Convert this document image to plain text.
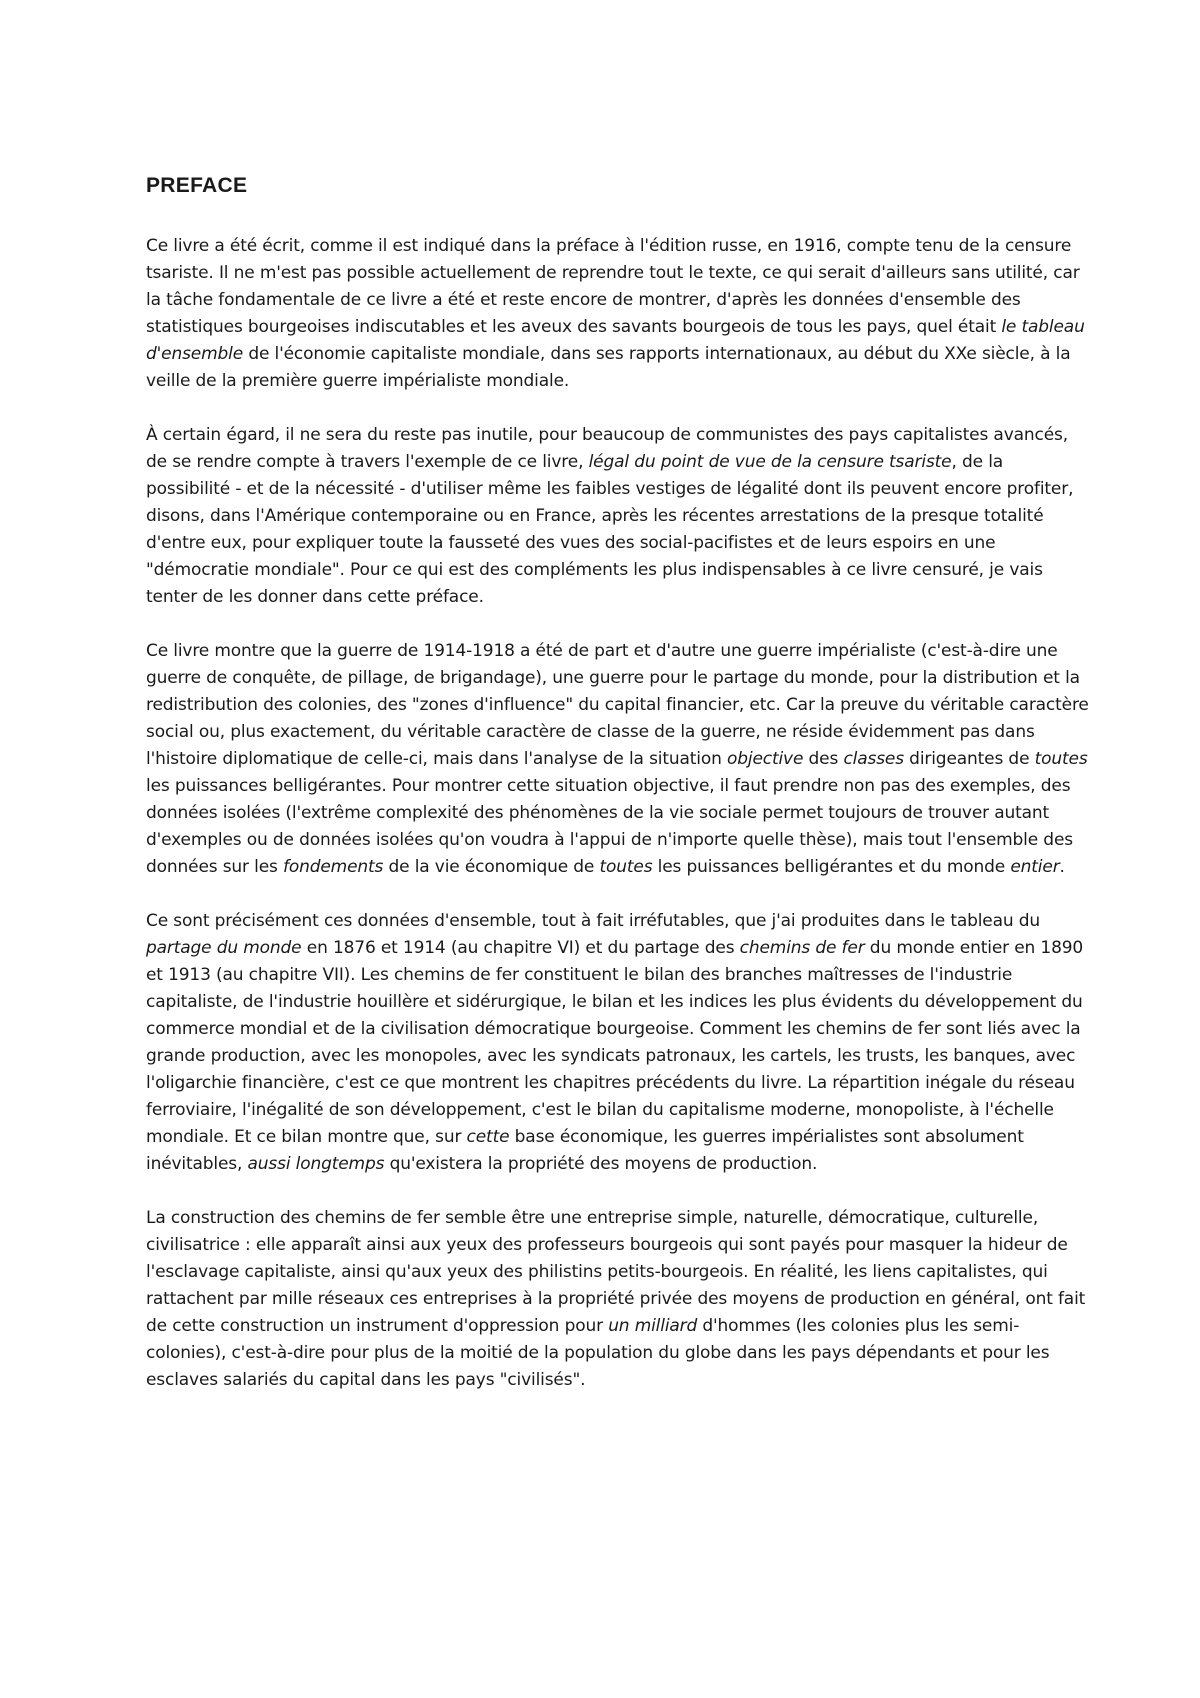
PREFACE

Ce livre a été écrit, comme il est indiqué dans la préface à l'édition russe, en 1916, compte tenu de la censure tsariste. Il ne m'est pas possible actuellement de reprendre tout le texte, ce qui serait d'ailleurs sans utilité, car la tâche fondamentale de ce livre a été et reste encore de montrer, d'après les données d'ensemble des statistiques bourgeoises indiscutables et les aveux des savants bourgeois de tous les pays, quel était le tableau d'ensemble de l'économie capitaliste mondiale, dans ses rapports internationaux, au début du XXe siècle, à la veille de la première guerre impérialiste mondiale.

À certain égard, il ne sera du reste pas inutile, pour beaucoup de communistes des pays capitalistes avancés, de se rendre compte à travers l'exemple de ce livre, légal du point de vue de la censure tsariste, de la possibilité - et de la nécessité - d'utiliser même les faibles vestiges de légalité dont ils peuvent encore profiter, disons, dans l'Amérique contemporaine ou en France, après les récentes arrestations de la presque totalité d'entre eux, pour expliquer toute la fausseté des vues des social-pacifistes et de leurs espoirs en une "démocratie mondiale". Pour ce qui est des compléments les plus indispensables à ce livre censuré, je vais tenter de les donner dans cette préface.

Ce livre montre que la guerre de 1914-1918 a été de part et d'autre une guerre impérialiste (c'est-à-dire une guerre de conquête, de pillage, de brigandage), une guerre pour le partage du monde, pour la distribution et la redistribution des colonies, des "zones d'influence" du capital financier, etc. Car la preuve du véritable caractère social ou, plus exactement, du véritable caractère de classe de la guerre, ne réside évidemment pas dans l'histoire diplomatique de celle-ci, mais dans l'analyse de la situation objective des classes dirigeantes de toutes les puissances belligérantes. Pour montrer cette situation objective, il faut prendre non pas des exemples, des données isolées (l'extrême complexité des phénomènes de la vie sociale permet toujours de trouver autant d'exemples ou de données isolées qu'on voudra à l'appui de n'importe quelle thèse), mais tout l'ensemble des données sur les fondements de la vie économique de toutes les puissances belligérantes et du monde entier.

Ce sont précisément ces données d'ensemble, tout à fait irréfutables, que j'ai produites dans le tableau du partage du monde en 1876 et 1914 (au chapitre VI) et du partage des chemins de fer du monde entier en 1890 et 1913 (au chapitre VII). Les chemins de fer constituent le bilan des branches maîtresses de l'industrie capitaliste, de l'industrie houillère et sidérurgique, le bilan et les indices les plus évidents du développement du commerce mondial et de la civilisation démocratique bourgeoise. Comment les chemins de fer sont liés avec la grande production, avec les monopoles, avec les syndicats patronaux, les cartels, les trusts, les banques, avec l'oligarchie financière, c'est ce que montrent les chapitres précédents du livre. La répartition inégale du réseau ferroviaire, l'inégalité de son développement, c'est le bilan du capitalisme moderne, monopoliste, à l'échelle mondiale. Et ce bilan montre que, sur cette base économique, les guerres impérialistes sont absolument inévitables, aussi longtemps qu'existera la propriété des moyens de production.

La construction des chemins de fer semble être une entreprise simple, naturelle, démocratique, culturelle, civilisatrice : elle apparaît ainsi aux yeux des professeurs bourgeois qui sont payés pour masquer la hideur de l'esclavage capitaliste, ainsi qu'aux yeux des philistins petits-bourgeois. En réalité, les liens capitalistes, qui rattachent par mille réseaux ces entreprises à la propriété privée des moyens de production en général, ont fait de cette construction un instrument d'oppression pour un milliard d'hommes (les colonies plus les semi-colonies), c'est-à-dire pour plus de la moitié de la population du globe dans les pays dépendants et pour les esclaves salariés du capital dans les pays "civilisés".
